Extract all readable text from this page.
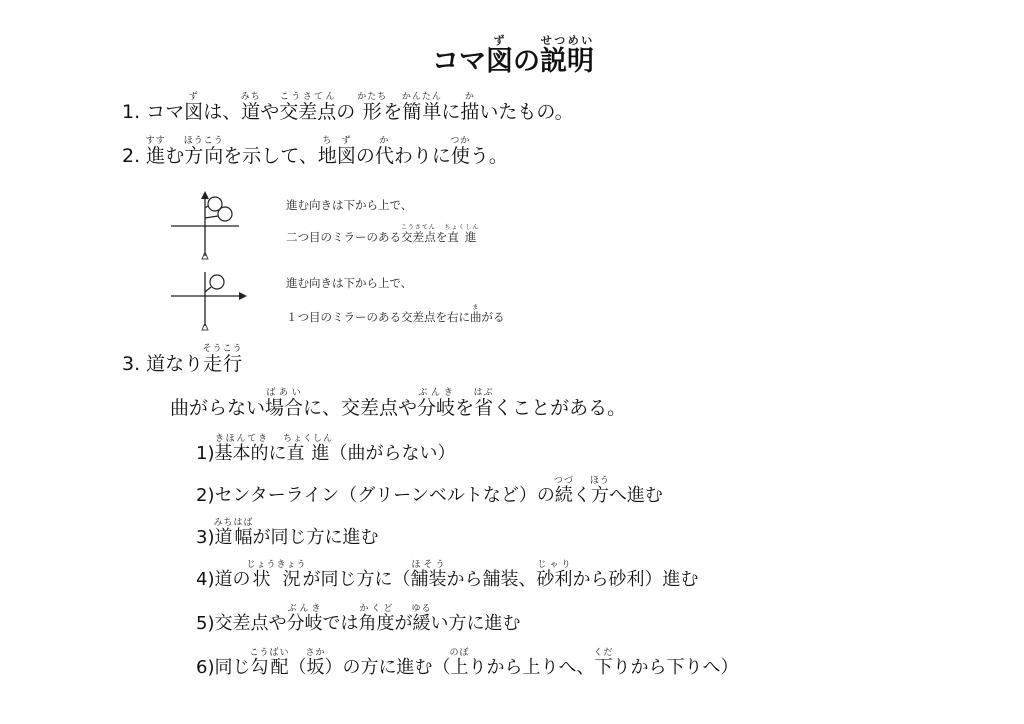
コマ図ずの説明せつめい
1. コマ図ずは、道みちや交差点こうさてんの 形かたちを簡単かんたんに描かいたもの。
2. 進すすむ方向ほうこうを示して、地図ちずの代かわりに使つかう。
進む向きは下から上で、
二つ目のミラーのある交差点こうさてんを直進ちょくしん
進む向きは下から上で、
１つ目のミラーのある交差点を右に曲まがる
3. 道なり走行そうこう
曲がらない場合ばあいに、交差点や分岐ぶんきを省はぶくことがある。
1)基本的きほんてきに直進ちょくしん（曲がらない）
2)センターライン（グリーンベルトなど）の続つづく方ほうへ進む
3)道幅みちはばが同じ方に進む
4)道の状況じょうきょうが同じ方に（舗装ほそうから舗装、砂利じゃりから砂利）進む
5)交差点や分岐ぶんきでは角度かくどが緩ゆるい方に進む
6)同じ勾配こうばい（坂さか）の方に進む（上のぼりから上りへ、下くだりから下りへ）
